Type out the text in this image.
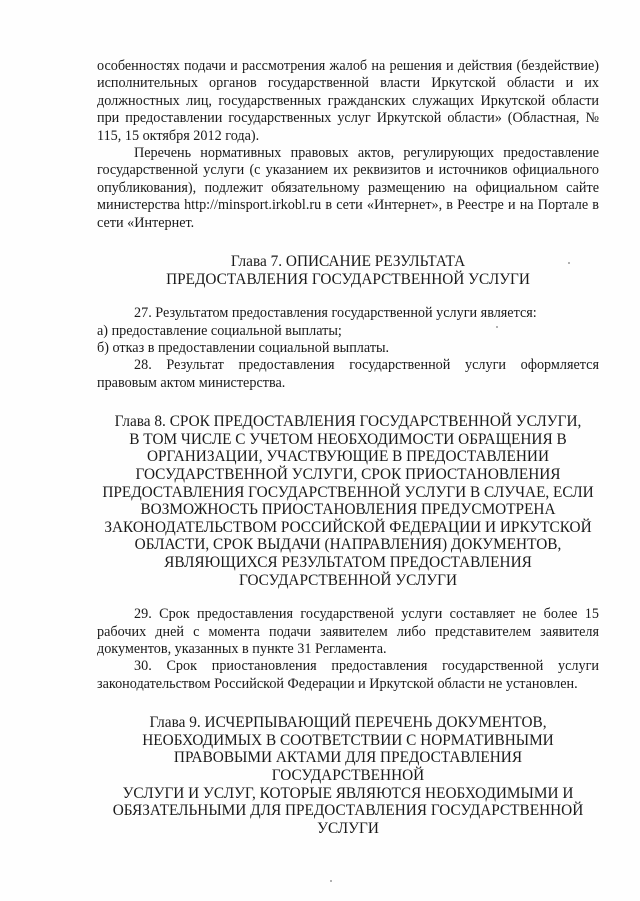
особенностях подачи и рассмотрения жалоб на решения и действия (бездействие) исполнительных органов государственной власти Иркутской области и их должностных лиц, государственных гражданских служащих Иркутской области при предоставлении государственных услуг Иркутской области» (Областная, № 115, 15 октября 2012 года).

Перечень нормативных правовых актов, регулирующих предоставление государственной услуги (с указанием их реквизитов и источников официального опубликования), подлежит обязательному размещению на официальном сайте министерства http://minsport.irkobl.ru в сети «Интернет», в Реестре и на Портале в сети «Интернет.

Глава 7. ОПИСАНИЕ РЕЗУЛЬТАТА

ПРЕДОСТАВЛЕНИЯ ГОСУДАРСТВЕННОЙ УСЛУГИ

27. Результатом предоставления государственной услуги является:

а) предоставление социальной выплаты;

б) отказ в предоставлении социальной выплаты.

28. Результат предоставления государственной услуги оформляется правовым актом министерства.

Глава 8. СРОК ПРЕДОСТАВЛЕНИЯ ГОСУДАРСТВЕННОЙ УСЛУГИ,

В ТОМ ЧИСЛЕ С УЧЕТОМ НЕОБХОДИМОСТИ ОБРАЩЕНИЯ В

ОРГАНИЗАЦИИ, УЧАСТВУЮЩИЕ В ПРЕДОСТАВЛЕНИИ

ГОСУДАРСТВЕННОЙ УСЛУГИ, СРОК ПРИОСТАНОВЛЕНИЯ

ПРЕДОСТАВЛЕНИЯ ГОСУДАРСТВЕННОЙ УСЛУГИ В СЛУЧАЕ, ЕСЛИ

ВОЗМОЖНОСТЬ ПРИОСТАНОВЛЕНИЯ ПРЕДУСМОТРЕНА

ЗАКОНОДАТЕЛЬСТВОМ РОССИЙСКОЙ ФЕДЕРАЦИИ И ИРКУТСКОЙ

ОБЛАСТИ, СРОК ВЫДАЧИ (НАПРАВЛЕНИЯ) ДОКУМЕНТОВ,

ЯВЛЯЮЩИХСЯ РЕЗУЛЬТАТОМ ПРЕДОСТАВЛЕНИЯ

ГОСУДАРСТВЕННОЙ УСЛУГИ

29. Срок предоставления государственой услуги составляет не более 15 рабочих дней с момента подачи заявителем либо представителем заявителя документов, указанных в пункте 31 Регламента.

30. Срок приостановления предоставления государственной услуги законодательством Российской Федерации и Иркутской области не установлен.

Глава 9. ИСЧЕРПЫВАЮЩИЙ ПЕРЕЧЕНЬ ДОКУМЕНТОВ,

НЕОБХОДИМЫХ В СООТВЕТСТВИИ С НОРМАТИВНЫМИ

ПРАВОВЫМИ АКТАМИ ДЛЯ ПРЕДОСТАВЛЕНИЯ ГОСУДАРСТВЕННОЙ

УСЛУГИ И УСЛУГ, КОТОРЫЕ ЯВЛЯЮТСЯ НЕОБХОДИМЫМИ И

ОБЯЗАТЕЛЬНЫМИ ДЛЯ ПРЕДОСТАВЛЕНИЯ ГОСУДАРСТВЕННОЙ

УСЛУГИ
